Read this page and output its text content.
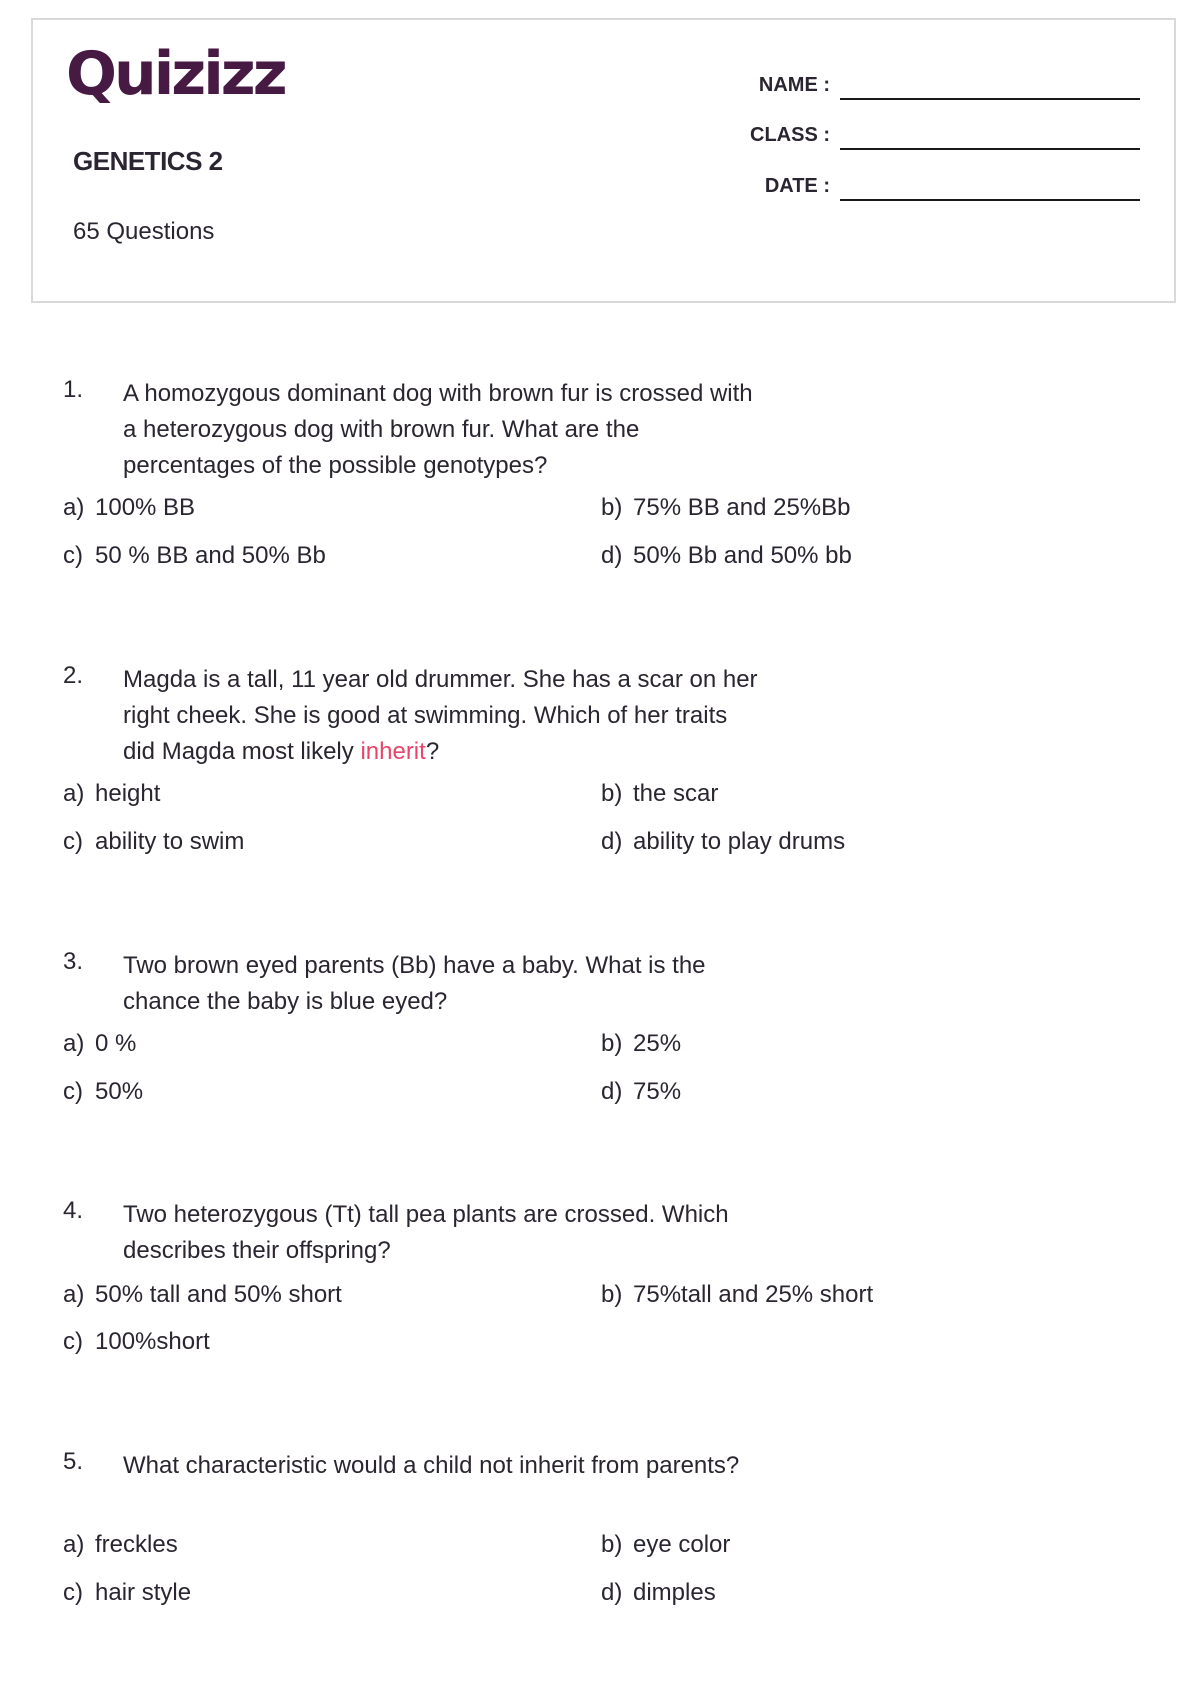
Quizizz
GENETICS 2
65 Questions
NAME :
CLASS :
DATE :
1. A homozygous dominant dog with brown fur is crossed with a heterozygous dog with brown fur. What are the percentages of the possible genotypes?

a) 100% BB	b) 75% BB and 25%Bb
c) 50 % BB and 50% Bb	d) 50% Bb and 50% bb
2. Magda is a tall, 11 year old drummer. She has a scar on her right cheek. She is good at swimming. Which of her traits did Magda most likely inherit?

a) height	b) the scar
c) ability to swim	d) ability to play drums
3. Two brown eyed parents (Bb) have a baby. What is the chance the baby is blue eyed?

a) 0 %	b) 25%
c) 50%	d) 75%
4. Two heterozygous (Tt) tall pea plants are crossed. Which describes their offspring?

a) 50% tall and 50% short	b) 75%tall and 25% short
c) 100%short
5. What characteristic would a child not inherit from parents?

a) freckles	b) eye color
c) hair style	d) dimples
